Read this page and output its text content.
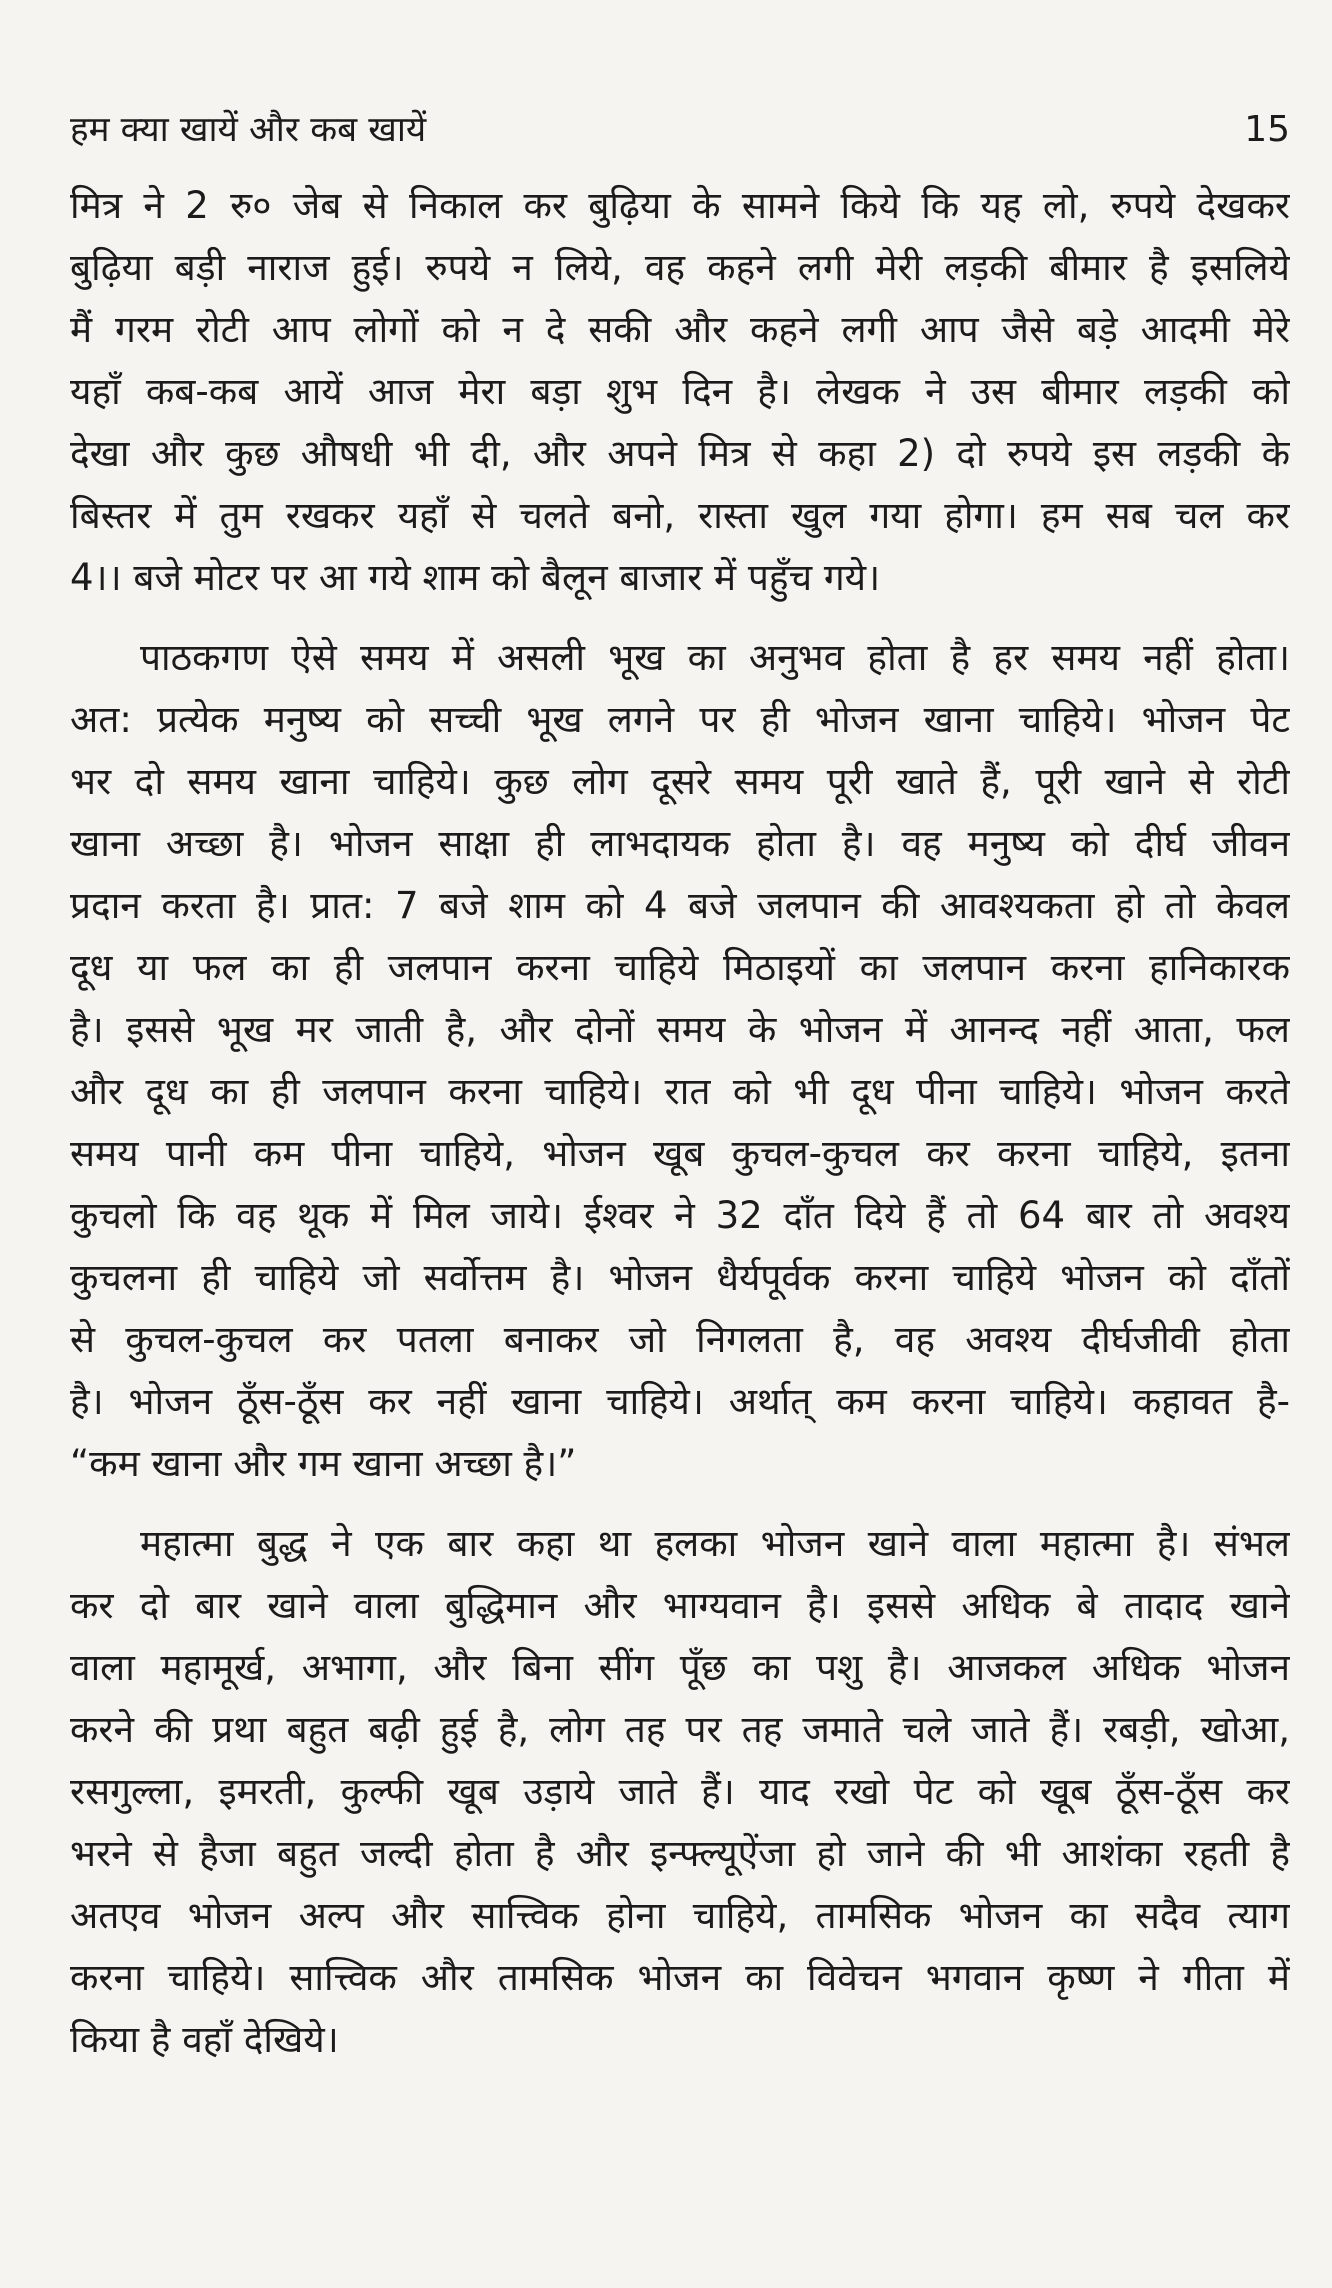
हम क्या खायें और कब खायें	15
मित्र ने 2 रु० जेब से निकाल कर बुढ़िया के सामने किये कि यह लो, रुपये देखकर
बुढ़िया बड़ी नाराज हुई। रुपये न लिये, वह कहने लगी मेरी लड़की बीमार है इसलिये
मैं गरम रोटी आप लोगों को न दे सकी और कहने लगी आप जैसे बड़े आदमी मेरे
यहाँ कब-कब आयें आज मेरा बड़ा शुभ दिन है। लेखक ने उस बीमार लड़की को
देखा और कुछ औषधी भी दी, और अपने मित्र से कहा 2) दो रुपये इस लड़की के
बिस्तर में तुम रखकर यहाँ से चलते बनो, रास्ता खुल गया होगा। हम सब चल कर
4।। बजे मोटर पर आ गये शाम को बैलून बाजार में पहुँच गये।
पाठकगण ऐसे समय में असली भूख का अनुभव होता है हर समय नहीं होता।
अत: प्रत्येक मनुष्य को सच्ची भूख लगने पर ही भोजन खाना चाहिये। भोजन पेट
भर दो समय खाना चाहिये। कुछ लोग दूसरे समय पूरी खाते हैं, पूरी खाने से रोटी
खाना अच्छा है। भोजन साक्षा ही लाभदायक होता है। वह मनुष्य को दीर्घ जीवन
प्रदान करता है। प्रात: 7 बजे शाम को 4 बजे जलपान की आवश्यकता हो तो केवल
दूध या फल का ही जलपान करना चाहिये मिठाइयों का जलपान करना हानिकारक
है। इससे भूख मर जाती है, और दोनों समय के भोजन में आनन्द नहीं आता, फल
और दूध का ही जलपान करना चाहिये। रात को भी दूध पीना चाहिये। भोजन करते
समय पानी कम पीना चाहिये, भोजन खूब कुचल-कुचल कर करना चाहिये, इतना
कुचलो कि वह थूक में मिल जाये। ईश्वर ने 32 दाँत दिये हैं तो 64 बार तो अवश्य
कुचलना ही चाहिये जो सर्वोत्तम है। भोजन धैर्यपूर्वक करना चाहिये भोजन को दाँतों
से कुचल-कुचल कर पतला बनाकर जो निगलता है, वह अवश्य दीर्घजीवी होता
है। भोजन ठूँस-ठूँस कर नहीं खाना चाहिये। अर्थात् कम करना चाहिये। कहावत है-
“कम खाना और गम खाना अच्छा है।”
महात्मा बुद्ध ने एक बार कहा था हलका भोजन खाने वाला महात्मा है। संभल
कर दो बार खाने वाला बुद्धिमान और भाग्यवान है। इससे अधिक बे तादाद खाने
वाला महामूर्ख, अभागा, और बिना सींग पूँछ का पशु है। आजकल अधिक भोजन
करने की प्रथा बहुत बढ़ी हुई है, लोग तह पर तह जमाते चले जाते हैं। रबड़ी, खोआ,
रसगुल्ला, इमरती, कुल्फी खूब उड़ाये जाते हैं। याद रखो पेट को खूब ठूँस-ठूँस कर
भरने से हैजा बहुत जल्दी होता है और इन्फ्ल्यूऐंजा हो जाने की भी आशंका रहती है
अतएव भोजन अल्प और सात्त्विक होना चाहिये, तामसिक भोजन का सदैव त्याग
करना चाहिये। सात्त्विक और तामसिक भोजन का विवेचन भगवान कृष्ण ने गीता में
किया है वहाँ देखिये।
